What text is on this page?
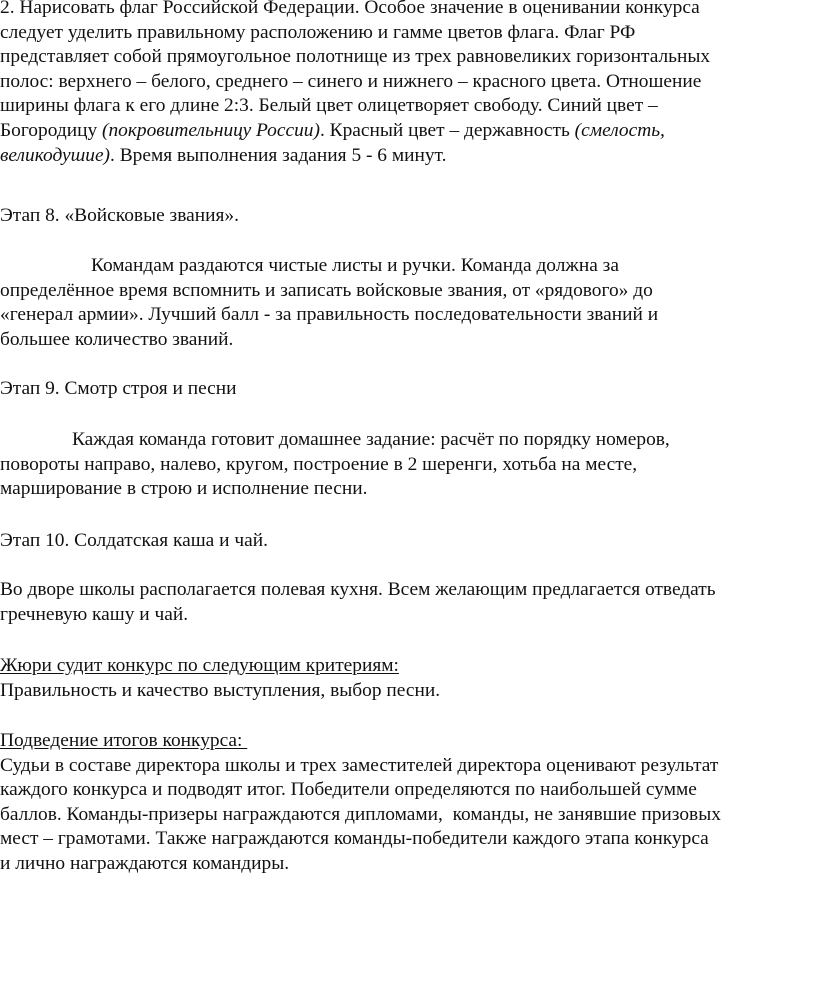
2. Нарисовать флаг Российской Федерации. Особое значение в оценивании конкурса
следует уделить правильному расположению и гамме цветов флага. Флаг РФ
представляет собой прямоугольное полотнище из трех равновеликих горизонтальных
полос: верхнего – белого, среднего – синего и нижнего – красного цвета. Отношение
ширины флага к его длине 2:3. Белый цвет олицетворяет свободу. Синий цвет –
Богородицу (покровительницу России). Красный цвет – державность (смелость,
великодушие). Время выполнения задания 5 - 6 минут.
Этап 8. «Войсковые звания».
Командам раздаются чистые листы и ручки. Команда должна за
определённое время вспомнить и записать войсковые звания, от «рядового» до
«генерал армии». Лучший балл - за правильность последовательности званий и
большее количество званий.
Этап 9. Смотр строя и песни
Каждая команда готовит домашнее задание: расчёт по порядку номеров,
повороты направо, налево, кругом, построение в 2 шеренги, хотьба на месте,
марширование в строю и исполнение песни.
Этап 10. Солдатская каша и чай.
Во дворе школы располагается полевая кухня. Всем желающим предлагается отведать
гречневую кашу и чай.
Жюри судит конкурс по следующим критериям:
Правильность и качество выступления, выбор песни.
Подведение итогов конкурса:
Судьи в составе директора школы и трех заместителей директора оценивают результат
каждого конкурса и подводят итог. Победители определяются по наибольшей сумме
баллов. Команды-призеры награждаются дипломами,  команды, не занявшие призовых
мест – грамотами. Также награждаются команды-победители каждого этапа конкурса
и лично награждаются командиры.
